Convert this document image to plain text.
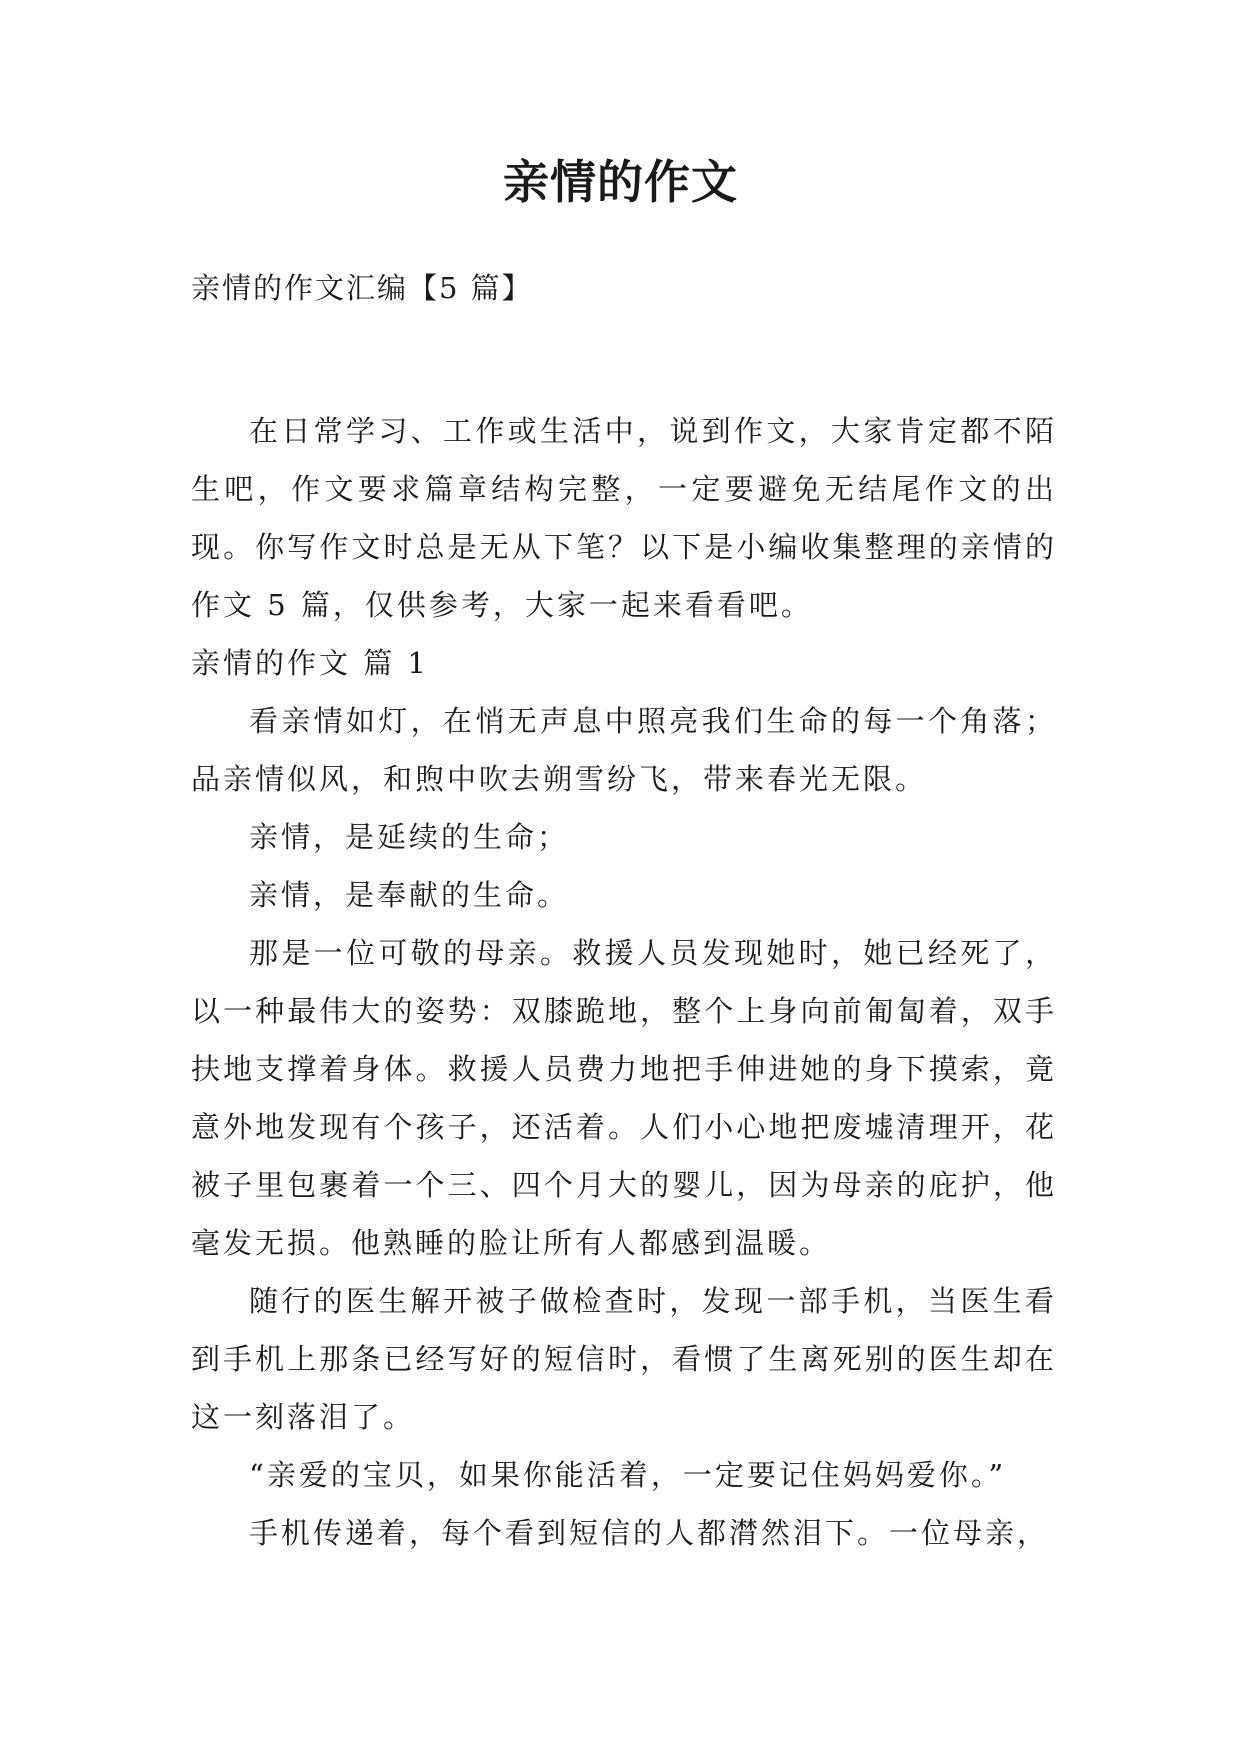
亲情的作文
亲情的作文汇编【5 篇】

在日常学习、工作或生活中，说到作文，大家肯定都不陌生吧，作文要求篇章结构完整，一定要避免无结尾作文的出现。你写作文时总是无从下笔？以下是小编收集整理的亲情的作文 5 篇，仅供参考，大家一起来看看吧。

亲情的作文 篇 1

看亲情如灯，在悄无声息中照亮我们生命的每一个角落；品亲情似风，和煦中吹去朔雪纷飞，带来春光无限。

亲情，是延续的生命；

亲情，是奉献的生命。

那是一位可敬的母亲。救援人员发现她时，她已经死了，以一种最伟大的姿势：双膝跪地，整个上身向前匍匐着，双手扶地支撑着身体。救援人员费力地把手伸进她的身下摸索，竟意外地发现有个孩子，还活着。人们小心地把废墟清理开，花被子里包裹着一个三、四个月大的婴儿，因为母亲的庇护，他毫发无损。他熟睡的脸让所有人都感到温暖。

随行的医生解开被子做检查时，发现一部手机，当医生看到手机上那条已经写好的短信时，看惯了生离死别的医生却在这一刻落泪了。

“亲爱的宝贝，如果你能活着，一定要记住妈妈爱你。”

手机传递着，每个看到短信的人都潸然泪下。一位母亲，
